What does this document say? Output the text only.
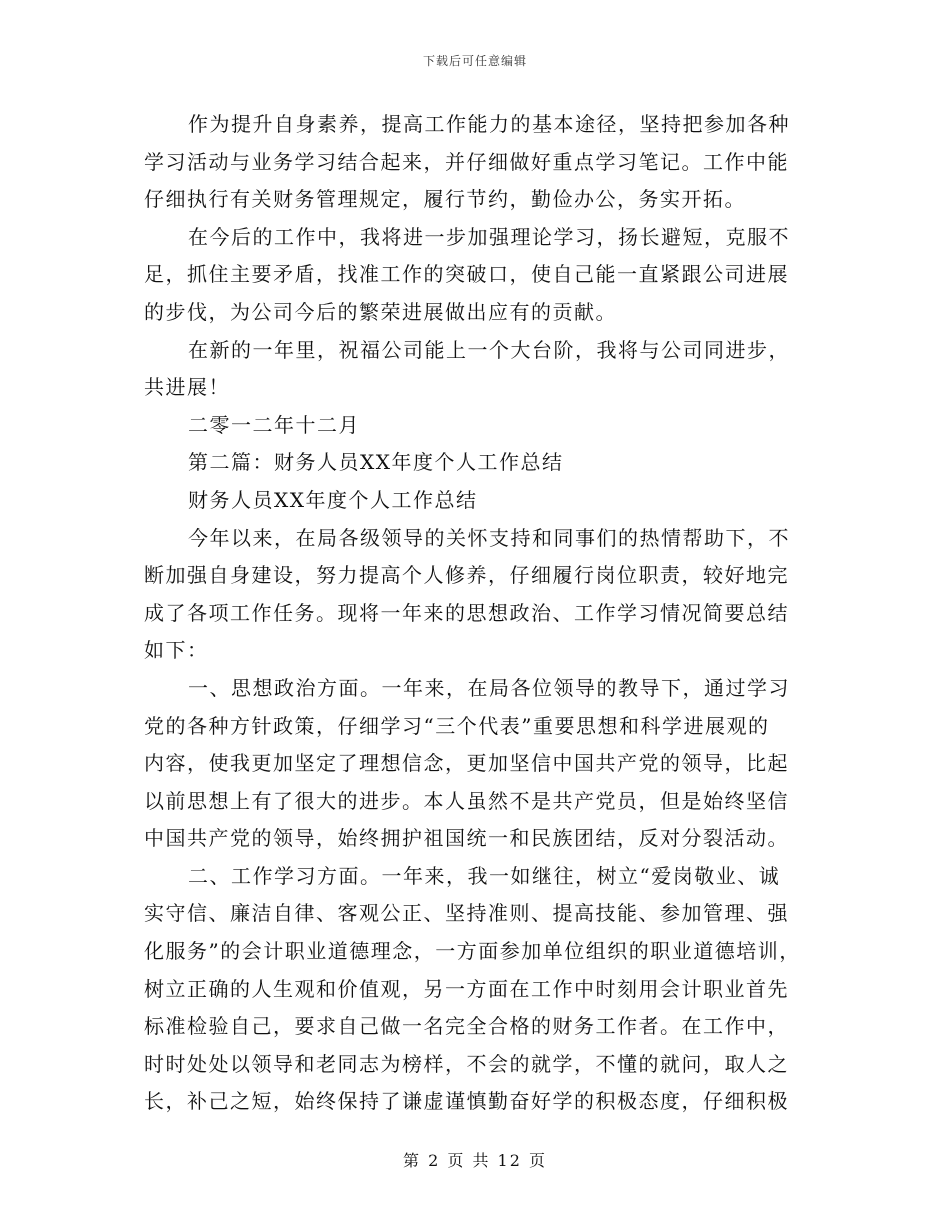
下载后可任意编辑
作为提升自身素养，提高工作能力的基本途径，坚持把参加各种
学习活动与业务学习结合起来，并仔细做好重点学习笔记。工作中能
仔细执行有关财务管理规定，履行节约，勤俭办公，务实开拓。
在今后的工作中，我将进一步加强理论学习，扬长避短，克服不
足，抓住主要矛盾，找准工作的突破口，使自己能一直紧跟公司进展
的步伐，为公司今后的繁荣进展做出应有的贡献。
在新的一年里，祝福公司能上一个大台阶，我将与公司同进步，
共进展！
二零一二年十二月
第二篇：财务人员XX年度个人工作总结
财务人员XX年度个人工作总结
今年以来，在局各级领导的关怀支持和同事们的热情帮助下，不
断加强自身建设，努力提高个人修养，仔细履行岗位职责，较好地完
成了各项工作任务。现将一年来的思想政治、工作学习情况简要总结
如下：
一、思想政治方面。一年来，在局各位领导的教导下，通过学习
党的各种方针政策，仔细学习“三个代表”重要思想和科学进展观的
内容，使我更加坚定了理想信念，更加坚信中国共产党的领导，比起
以前思想上有了很大的进步。本人虽然不是共产党员，但是始终坚信
中国共产党的领导，始终拥护祖国统一和民族团结，反对分裂活动。
二、工作学习方面。一年来，我一如继往，树立“爱岗敬业、诚
实守信、廉洁自律、客观公正、坚持准则、提高技能、参加管理、强
化服务”的会计职业道德理念，一方面参加单位组织的职业道德培训，
树立正确的人生观和价值观，另一方面在工作中时刻用会计职业首先
标准检验自己，要求自己做一名完全合格的财务工作者。在工作中，
时时处处以领导和老同志为榜样，不会的就学，不懂的就问，取人之
长，补己之短，始终保持了谦虚谨慎勤奋好学的积极态度，仔细积极
第 2 页 共 12 页
